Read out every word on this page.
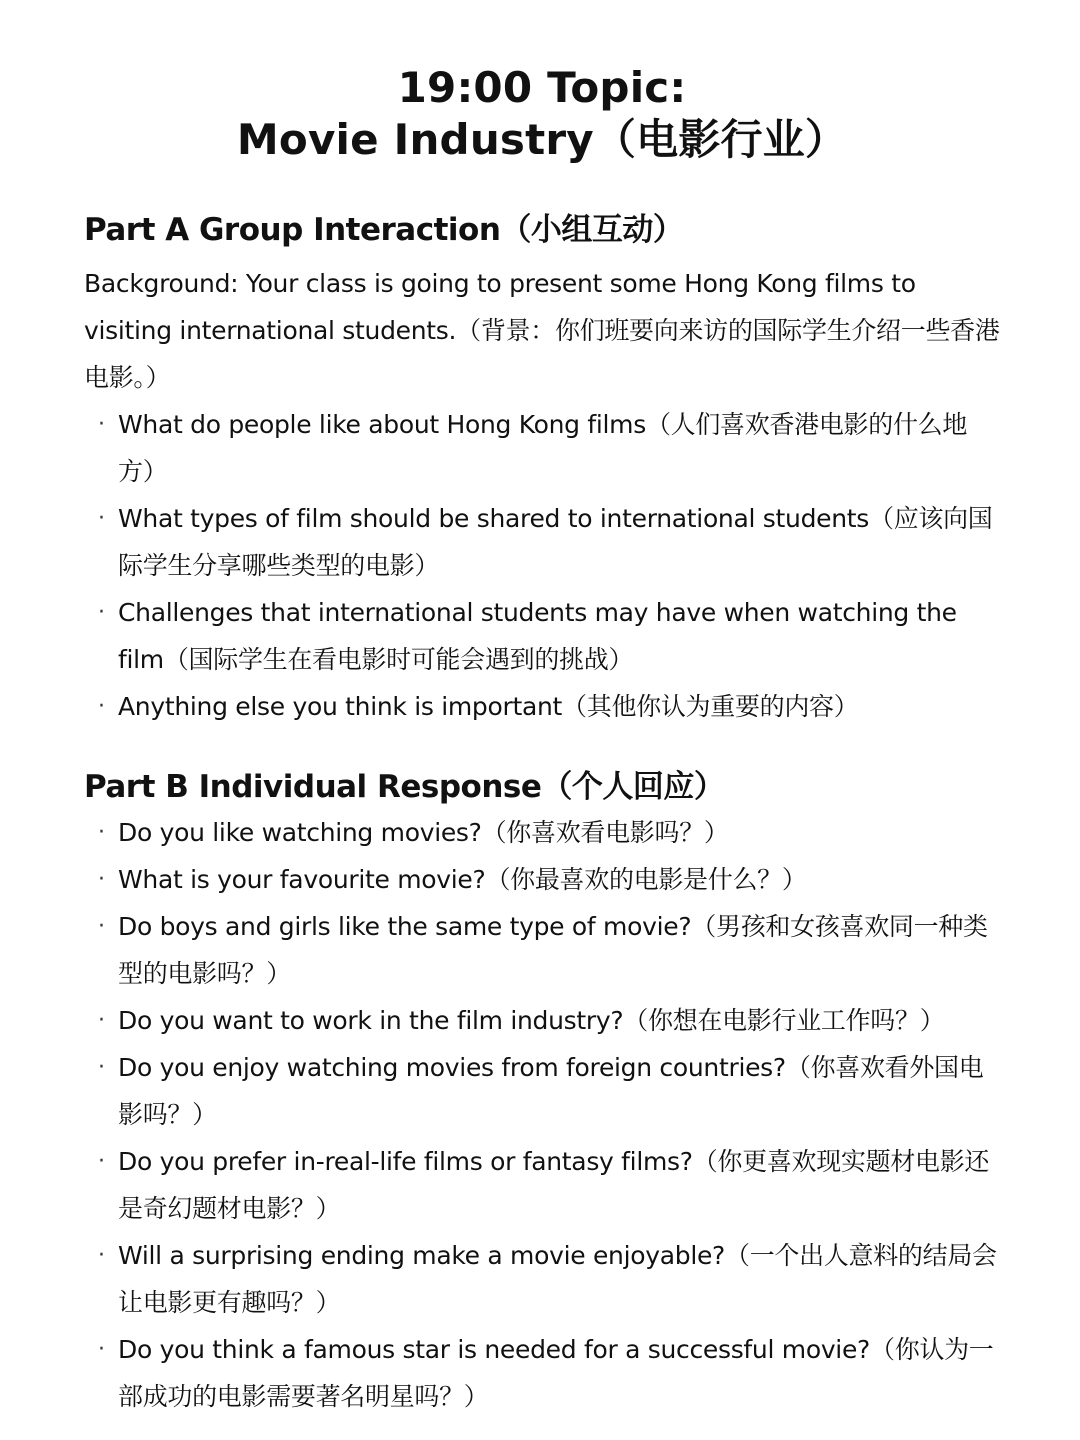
19:00 Topic:
Movie Industry（电影行业）
Part A Group Interaction（小组互动）

Background: Your class is going to present some Hong Kong films to visiting international students.（背景：你们班要向来访的国际学生介绍一些香港电影。）

· What do people like about Hong Kong films（人们喜欢香港电影的什么地方）
· What types of film should be shared to international students（应该向国际学生分享哪些类型的电影）
· Challenges that international students may have when watching the film（国际学生在看电影时可能会遇到的挑战）
· Anything else you think is important（其他你认为重要的内容）
Part B Individual Response（个人回应）
· Do you like watching movies?（你喜欢看电影吗？）
· What is your favourite movie?（你最喜欢的电影是什么？）
· Do boys and girls like the same type of movie?（男孩和女孩喜欢同一种类型的电影吗？）
· Do you want to work in the film industry?（你想在电影行业工作吗？）
· Do you enjoy watching movies from foreign countries?（你喜欢看外国电影吗？）
· Do you prefer in-real-life films or fantasy films?（你更喜欢现实题材电影还是奇幻题材电影？）
· Will a surprising ending make a movie enjoyable?（一个出人意料的结局会让电影更有趣吗？）
· Do you think a famous star is needed for a successful movie?（你认为一部成功的电影需要著名明星吗？）
